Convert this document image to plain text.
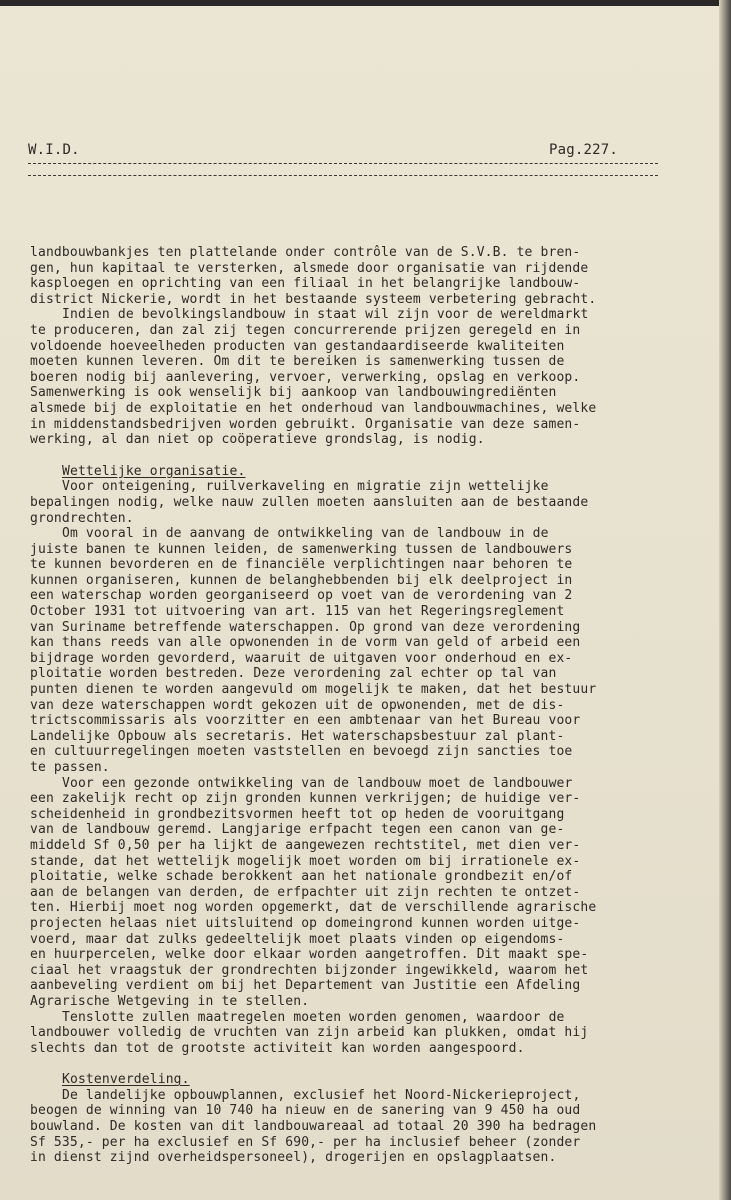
W.I.D.	Pag.227.
landbouwbankjes ten plattelande onder contrôle van de S.V.B. te bren-
gen, hun kapitaal te versterken, alsmede door organisatie van rijdende
kasploegen en oprichting van een filiaal in het belangrijke landbouw-
district Nickerie, wordt in het bestaande systeem verbetering gebracht.
Indien de bevolkingslandbouw in staat wil zijn voor de wereldmarkt
te produceren, dan zal zij tegen concurrerende prijzen geregeld en in
voldoende hoeveelheden producten van gestandaardiseerde kwaliteiten
moeten kunnen leveren. Om dit te bereiken is samenwerking tussen de
boeren nodig bij aanlevering, vervoer, verwerking, opslag en verkoop.
Samenwerking is ook wenselijk bij aankoop van landbouwingrediënten
alsmede bij de exploitatie en het onderhoud van landbouwmachines, welke
in middenstandsbedrijven worden gebruikt. Organisatie van deze samen-
werking, al dan niet op coöperatieve grondslag, is nodig.
Wettelijke organisatie.
Voor onteigening, ruilverkaveling en migratie zijn wettelijke
bepalingen nodig, welke nauw zullen moeten aansluiten aan de bestaande
grondrechten.
Om vooral in de aanvang de ontwikkeling van de landbouw in de
juiste banen te kunnen leiden, de samenwerking tussen de landbouwers
te kunnen bevorderen en de financiële verplichtingen naar behoren te
kunnen organiseren, kunnen de belanghebbenden bij elk deelproject in
een waterschap worden georganiseerd op voet van de verordening van 2
October 1931 tot uitvoering van art. 115 van het Regeringsreglement
van Suriname betreffende waterschappen. Op grond van deze verordening
kan thans reeds van alle opwonenden in de vorm van geld of arbeid een
bijdrage worden gevorderd, waaruit de uitgaven voor onderhoud en ex-
ploitatie worden bestreden. Deze verordening zal echter op tal van
punten dienen te worden aangevuld om mogelijk te maken, dat het bestuur
van deze waterschappen wordt gekozen uit de opwonenden, met de dis-
trictscommissaris als voorzitter en een ambtenaar van het Bureau voor
Landelijke Opbouw als secretaris. Het waterschapsbestuur zal plant-
en cultuurregelingen moeten vaststellen en bevoegd zijn sancties toe
te passen.
Voor een gezonde ontwikkeling van de landbouw moet de landbouwer
een zakelijk recht op zijn gronden kunnen verkrijgen; de huidige ver-
scheidenheid in grondbezitsvormen heeft tot op heden de vooruitgang
van de landbouw geremd. Langjarige erfpacht tegen een canon van ge-
middeld Sf 0,50 per ha lijkt de aangewezen rechtstitel, met dien ver-
stande, dat het wettelijk mogelijk moet worden om bij irrationele ex-
ploitatie, welke schade berokkent aan het nationale grondbezit en/of
aan de belangen van derden, de erfpachter uit zijn rechten te ontzet-
ten. Hierbij moet nog worden opgemerkt, dat de verschillende agrarische
projecten helaas niet uitsluitend op domeingrond kunnen worden uitge-
voerd, maar dat zulks gedeeltelijk moet plaats vinden op eigendoms-
en huurpercelen, welke door elkaar worden aangetroffen. Dit maakt spe-
ciaal het vraagstuk der grondrechten bijzonder ingewikkeld, waarom het
aanbeveling verdient om bij het Departement van Justitie een Afdeling
Agrarische Wetgeving in te stellen.
Tenslotte zullen maatregelen moeten worden genomen, waardoor de
landbouwer volledig de vruchten van zijn arbeid kan plukken, omdat hij
slechts dan tot de grootste activiteit kan worden aangespoord.
Kostenverdeling.
De landelijke opbouwplannen, exclusief het Noord-Nickerieproject,
beogen de winning van 10 740 ha nieuw en de sanering van 9 450 ha oud
bouwland. De kosten van dit landbouwareaal ad totaal 20 390 ha bedragen
Sf 535,- per ha exclusief en Sf 690,- per ha inclusief beheer (zonder
in dienst zijnd overheidspersoneel), drogerijen en opslagplaatsen.
